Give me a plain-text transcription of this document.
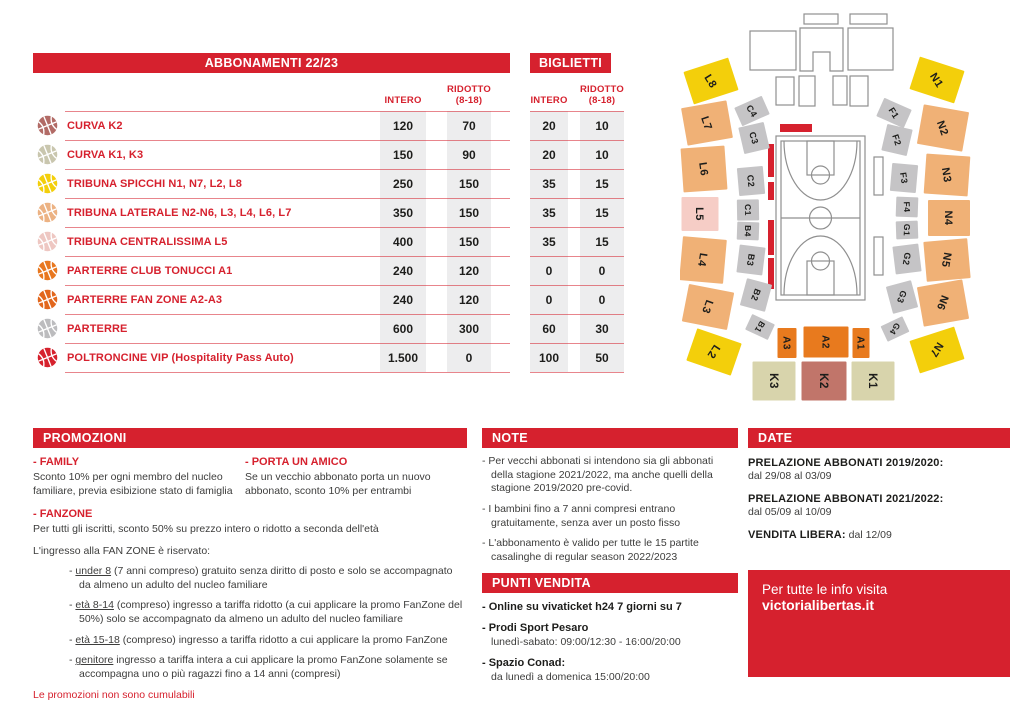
ABBONAMENTI 22/23
INTERO
RIDOTTO
(8-18)
CURVA K2	120	70
CURVA K1, K3	150	90
TRIBUNA SPICCHI N1, N7, L2, L8	250	150
TRIBUNA LATERALE N2-N6, L3, L4, L6, L7	350	150
TRIBUNA CENTRALISSIMA L5	400	150
PARTERRE CLUB TONUCCI A1	240	120
PARTERRE FAN ZONE A2-A3	240	120
PARTERRE	600	300
POLTRONCINE VIP (Hospitality Pass Auto)	1.500	0
BIGLIETTI
INTERO
RIDOTTO
(8-18)
20	10
20	10
35	15
35	15
35	15
0	0
0	0
60	30
100	50
L8
L7
L6
L5
L4
L3
L2
C4
C3
C2
C1
B4
B3
B2
B1
N1
N2
N3
N4
N5
N6
N7
F1
F2
F3
F4
G1
G2
G3
G4
A3	A2 A1
K3	K2	K1
PROMOZIONI
- FAMILY
Sconto 10% per ogni membro del nucleo familiare, previa esibizione stato di famiglia
- PORTA UN AMICO
Se un vecchio abbonato porta un nuovo abbonato, sconto 10% per entrambi
- FANZONE
Per tutti gli iscritti, sconto 50% su prezzo intero o ridotto a seconda dell'età
L'ingresso alla FAN ZONE è riservato:
- under 8 (7 anni compreso) gratuito senza diritto di posto e solo se accompagnato da almeno un adulto del nucleo familiare
- età 8-14 (compreso) ingresso a tariffa ridotto (a cui applicare la promo FanZone del 50%) solo se accompagnato da almeno un adulto del nucleo familiare
- età 15-18 (compreso) ingresso a tariffa ridotto a cui applicare la promo FanZone
- genitore ingresso a tariffa intera a cui applicare la promo FanZone solamente se accompagna uno o più ragazzi fino a 14 anni (compresi)
Le promozioni non sono cumulabili
NOTE
- Per vecchi abbonati si intendono sia gli abbonati della stagione 2021/2022, ma anche quelli della stagione 2019/2020 pre-covid.
- I bambini fino a 7 anni compresi entrano gratuitamente, senza aver un posto fisso
- L'abbonamento è valido per tutte le 15 partite casalinghe di regular season 2022/2023
PUNTI VENDITA
- Online su vivaticket h24 7 giorni su 7
- Prodi Sport Pesaro
lunedì-sabato: 09:00/12:30 - 16:00/20:00
- Spazio Conad:
da lunedì a domenica 15:00/20:00
DATE
PRELAZIONE ABBONATI 2019/2020:
dal 29/08 al 03/09
PRELAZIONE ABBONATI 2021/2022:
dal 05/09 al 10/09
VENDITA LIBERA: dal 12/09
Per tutte le info visita
victorialibertas.it
